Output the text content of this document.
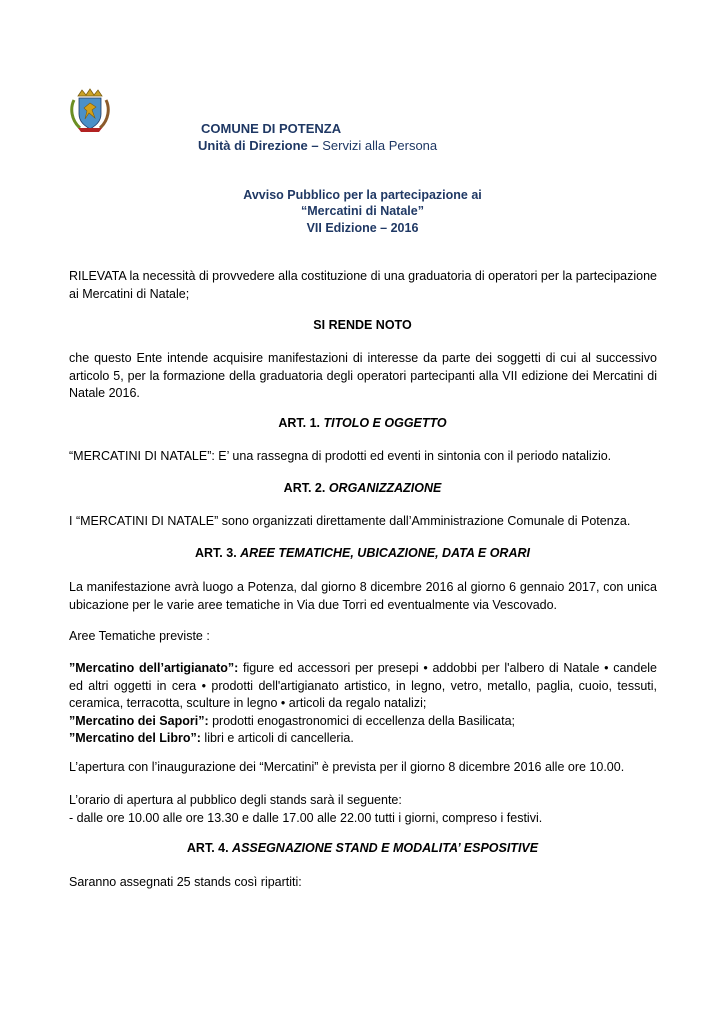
COMUNE DI POTENZA
Unità di Direzione – Servizi alla Persona
Avviso Pubblico per la partecipazione ai
“Mercatini di Natale”
VII Edizione – 2016
RILEVATA la necessità di provvedere alla costituzione di una graduatoria di operatori per la partecipazione ai Mercatini di Natale;
SI RENDE NOTO
che questo Ente intende acquisire manifestazioni di interesse da parte dei soggetti di cui al successivo articolo 5, per la formazione della graduatoria degli operatori partecipanti alla VII edizione dei Mercatini di Natale 2016.
ART. 1. TITOLO E OGGETTO
“MERCATINI DI NATALE”: E’ una rassegna di prodotti ed eventi in sintonia con il periodo natalizio.
ART. 2. ORGANIZZAZIONE
I “MERCATINI DI NATALE” sono organizzati direttamente dall’Amministrazione Comunale di Potenza.
ART. 3. AREE TEMATICHE, UBICAZIONE, DATA E ORARI
La manifestazione avrà luogo a Potenza, dal giorno 8 dicembre 2016 al giorno 6 gennaio 2017, con unica ubicazione per le varie aree tematiche in Via due Torri ed eventualmente via Vescovado.
Aree Tematiche previste :

”Mercatino dell’artigianato”: figure ed accessori per presepi • addobbi per l'albero di Natale • candele ed altri oggetti in cera • prodotti dell'artigianato artistico, in legno, vetro, metallo, paglia, cuoio, tessuti, ceramica, terracotta, sculture in legno • articoli da regalo natalizi;

”Mercatino dei Sapori”: prodotti enogastronomici di eccellenza della Basilicata;

”Mercatino del Libro”: libri e articoli di cancelleria.

L’apertura con l’inaugurazione dei “Mercatini” è prevista per il giorno 8 dicembre 2016 alle ore 10.00.
L’orario di apertura al pubblico degli stands sarà il seguente:
- dalle ore 10.00 alle ore 13.30 e dalle 17.00 alle 22.00 tutti i giorni, compreso i festivi.
ART. 4. ASSEGNAZIONE STAND E MODALITA’ ESPOSITIVE
Saranno assegnati 25 stands così ripartiti:
